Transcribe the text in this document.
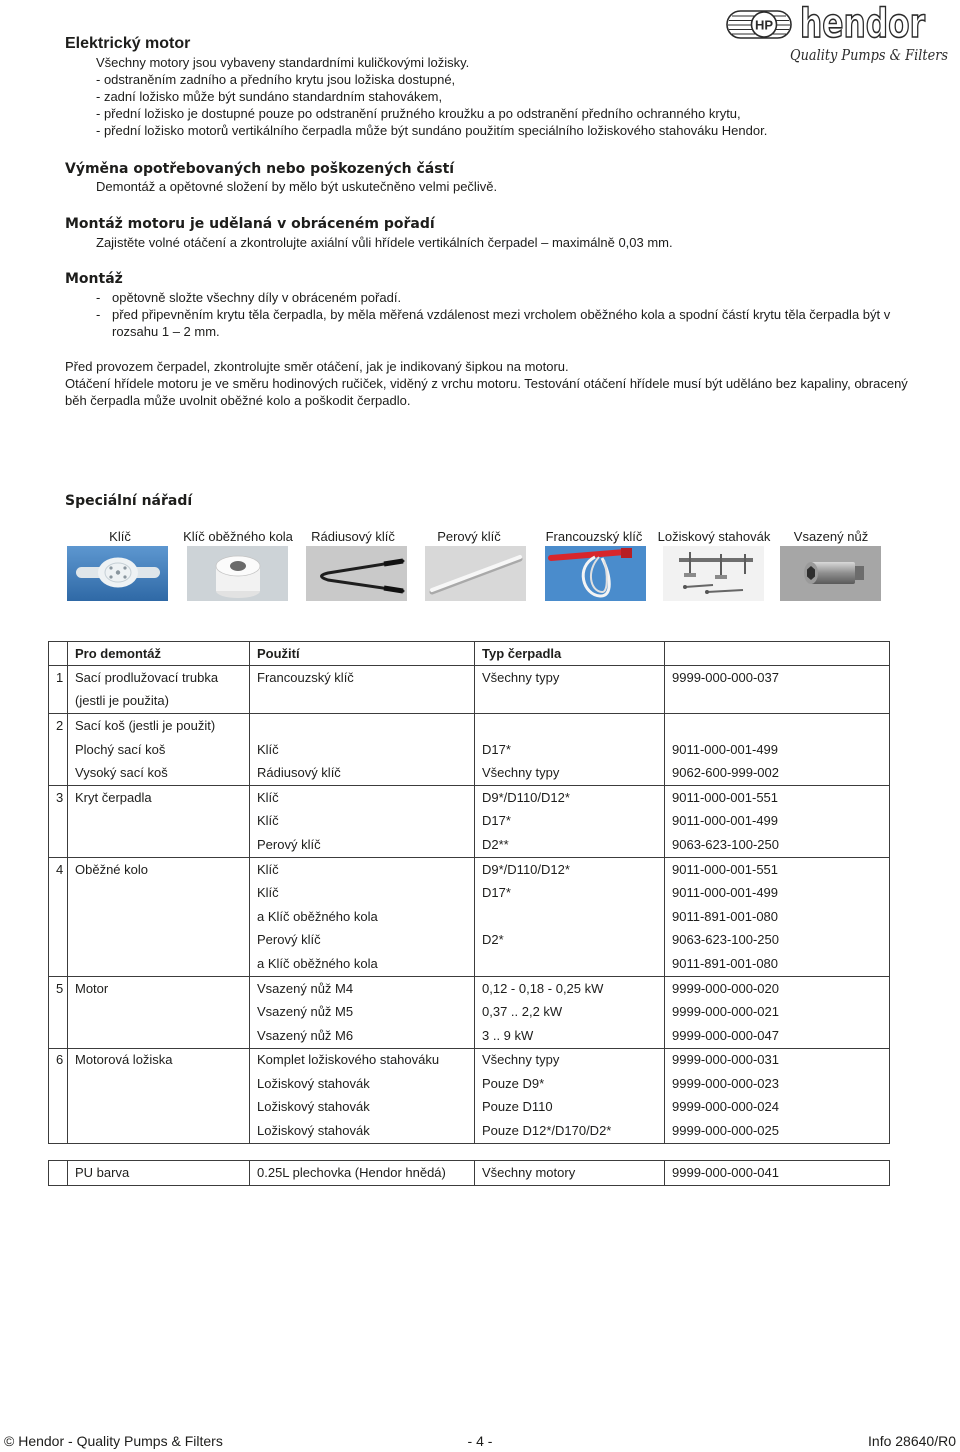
HP hendor
Quality Pumps & Filters
Elektrický motor
Všechny motory jsou vybaveny standardními kuličkovými ložisky.
- odstraněním zadního a předního krytu jsou ložiska dostupné,
- zadní ložisko může být sundáno standardním stahovákem,
- přední ložisko je dostupné pouze po odstranění pružného kroužku a po odstranění předního ochranného krytu,
- přední ložisko motorů vertikálního čerpadla může být sundáno použitím speciálního ložiskového stahováku Hendor.
Výměna opotřebovaných nebo poškozených částí
Demontáž a opětovné složení by mělo být uskutečněno velmi pečlivě.
Montáž motoru je udělaná v obráceném pořadí
Zajistěte volné otáčení a zkontrolujte axiální vůli hřídele vertikálních čerpadel – maximálně 0,03 mm.
Montáž
- opětovně složte všechny díly v obráceném pořadí.
- před připevněním krytu těla čerpadla, by měla měřená vzdálenost mezi vrcholem oběžného kola a spodní částí krytu těla čerpadla být v
rozsahu 1 – 2 mm.
Před provozem čerpadel, zkontrolujte směr otáčení, jak je indikovaný šipkou na motoru.
Otáčení hřídele motoru je ve směru hodinových ručiček, viděný z vrchu motoru. Testování otáčení hřídele musí být uděláno bez kapaliny, obracený
běh čerpadla může uvolnit oběžné kolo a poškodit čerpadlo.
Speciální nářadí
Klíč	Klíč oběžného kola	Rádiusový klíč	Perový klíč	Francouzský klíč	Ložiskový stahovák	Vsazený nůž
	Pro demontáž	Použití	Typ čerpadla	
1	Sací prodlužovací trubka	Francouzský klíč	Všechny typy	9999-000-000-037
	(jestli je použita)			
2	Sací koš (jestli je použit)			
	Plochý sací koš	Klíč	D17*	9011-000-001-499
	Vysoký sací koš	Rádiusový klíč	Všechny typy	9062-600-999-002
3	Kryt čerpadla	Klíč	D9*/D110/D12*	9011-000-001-551
		Klíč	D17*	9011-000-001-499
		Perový klíč	D2**	9063-623-100-250
4	Oběžné kolo	Klíč	D9*/D110/D12*	9011-000-001-551
		Klíč	D17*	9011-000-001-499
		a Klíč oběžného kola		9011-891-001-080
		Perový klíč	D2*	9063-623-100-250
		a Klíč oběžného kola		9011-891-001-080
5	Motor	Vsazený nůž M4	0,12 - 0,18 - 0,25 kW	9999-000-000-020
		Vsazený nůž M5	0,37 .. 2,2 kW	9999-000-000-021
		Vsazený nůž M6	3 .. 9 kW	9999-000-000-047
6	Motorová ložiska	Komplet ložiskového stahováku	Všechny typy	9999-000-000-031
		Ložiskový stahovák	Pouze D9*	9999-000-000-023
		Ložiskový stahovák	Pouze D110	9999-000-000-024
		Ložiskový stahovák	Pouze D12*/D170/D2*	9999-000-000-025
	PU barva	0.25L plechovka (Hendor hnědá)	Všechny motory	9999-000-000-041
© Hendor - Quality Pumps & Filters	- 4 -	Info 28640/R0
